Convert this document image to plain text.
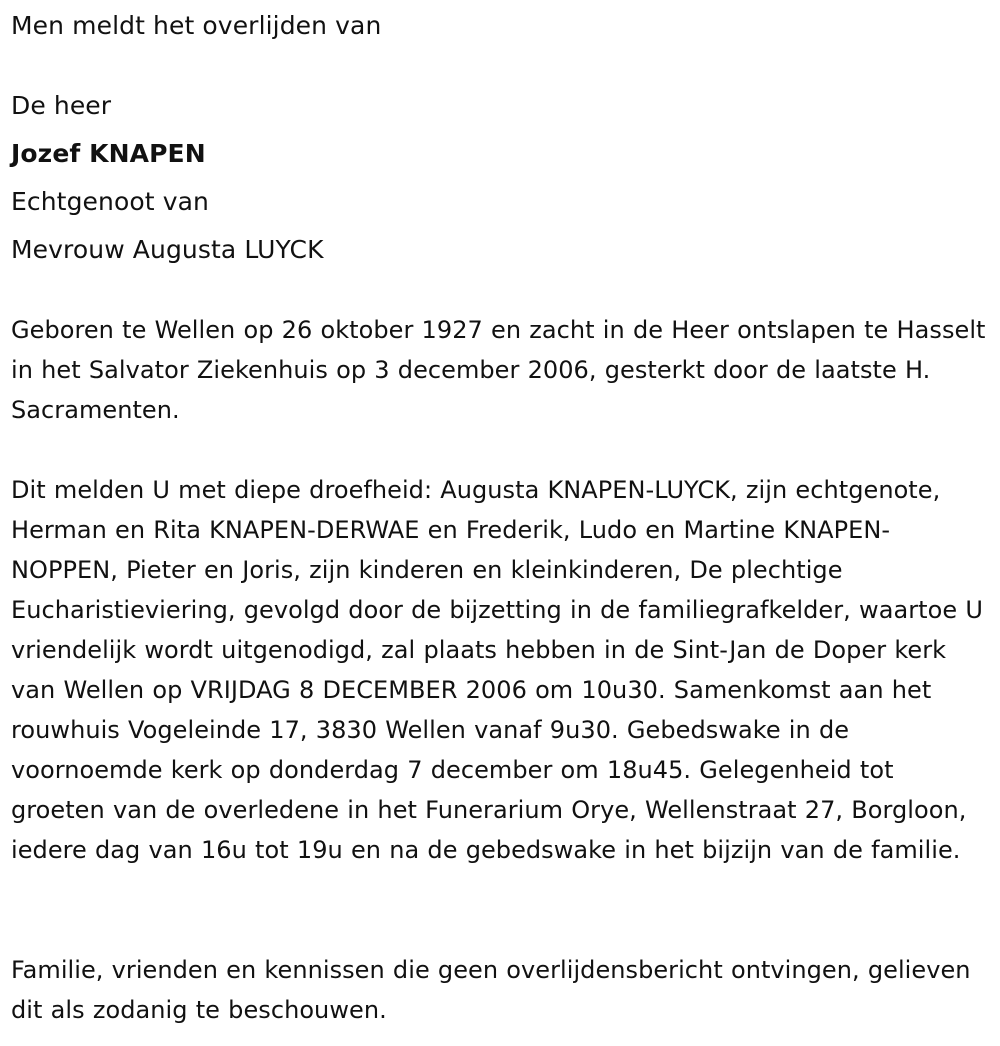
Men meldt het overlijden van

De heer

Jozef KNAPEN

Echtgenoot van

Mevrouw Augusta LUYCK

Geboren te Wellen op 26 oktober 1927 en zacht in de Heer ontslapen te Hasselt in het Salvator Ziekenhuis op 3 december 2006, gesterkt door de laatste H. Sacramenten.

Dit melden U met diepe droefheid: Augusta KNAPEN-LUYCK, zijn echtgenote, Herman en Rita KNAPEN-DERWAE en Frederik, Ludo en Martine KNAPEN-NOPPEN, Pieter en Joris, zijn kinderen en kleinkinderen, De plechtige Eucharistieviering, gevolgd door de bijzetting in de familiegrafkelder, waartoe U vriendelijk wordt uitgenodigd, zal plaats hebben in de Sint-Jan de Doper kerk van Wellen op VRIJDAG 8 DECEMBER 2006 om 10u30. Samenkomst aan het rouwhuis Vogeleinde 17, 3830 Wellen vanaf 9u30. Gebedswake in de voornoemde kerk op donderdag 7 december om 18u45. Gelegenheid tot groeten van de overledene in het Funerarium Orye, Wellenstraat 27, Borgloon, iedere dag van 16u tot 19u en na de gebedswake in het bijzijn van de familie.

Familie, vrienden en kennissen die geen overlijdensbericht ontvingen, gelieven dit als zodanig te beschouwen.
